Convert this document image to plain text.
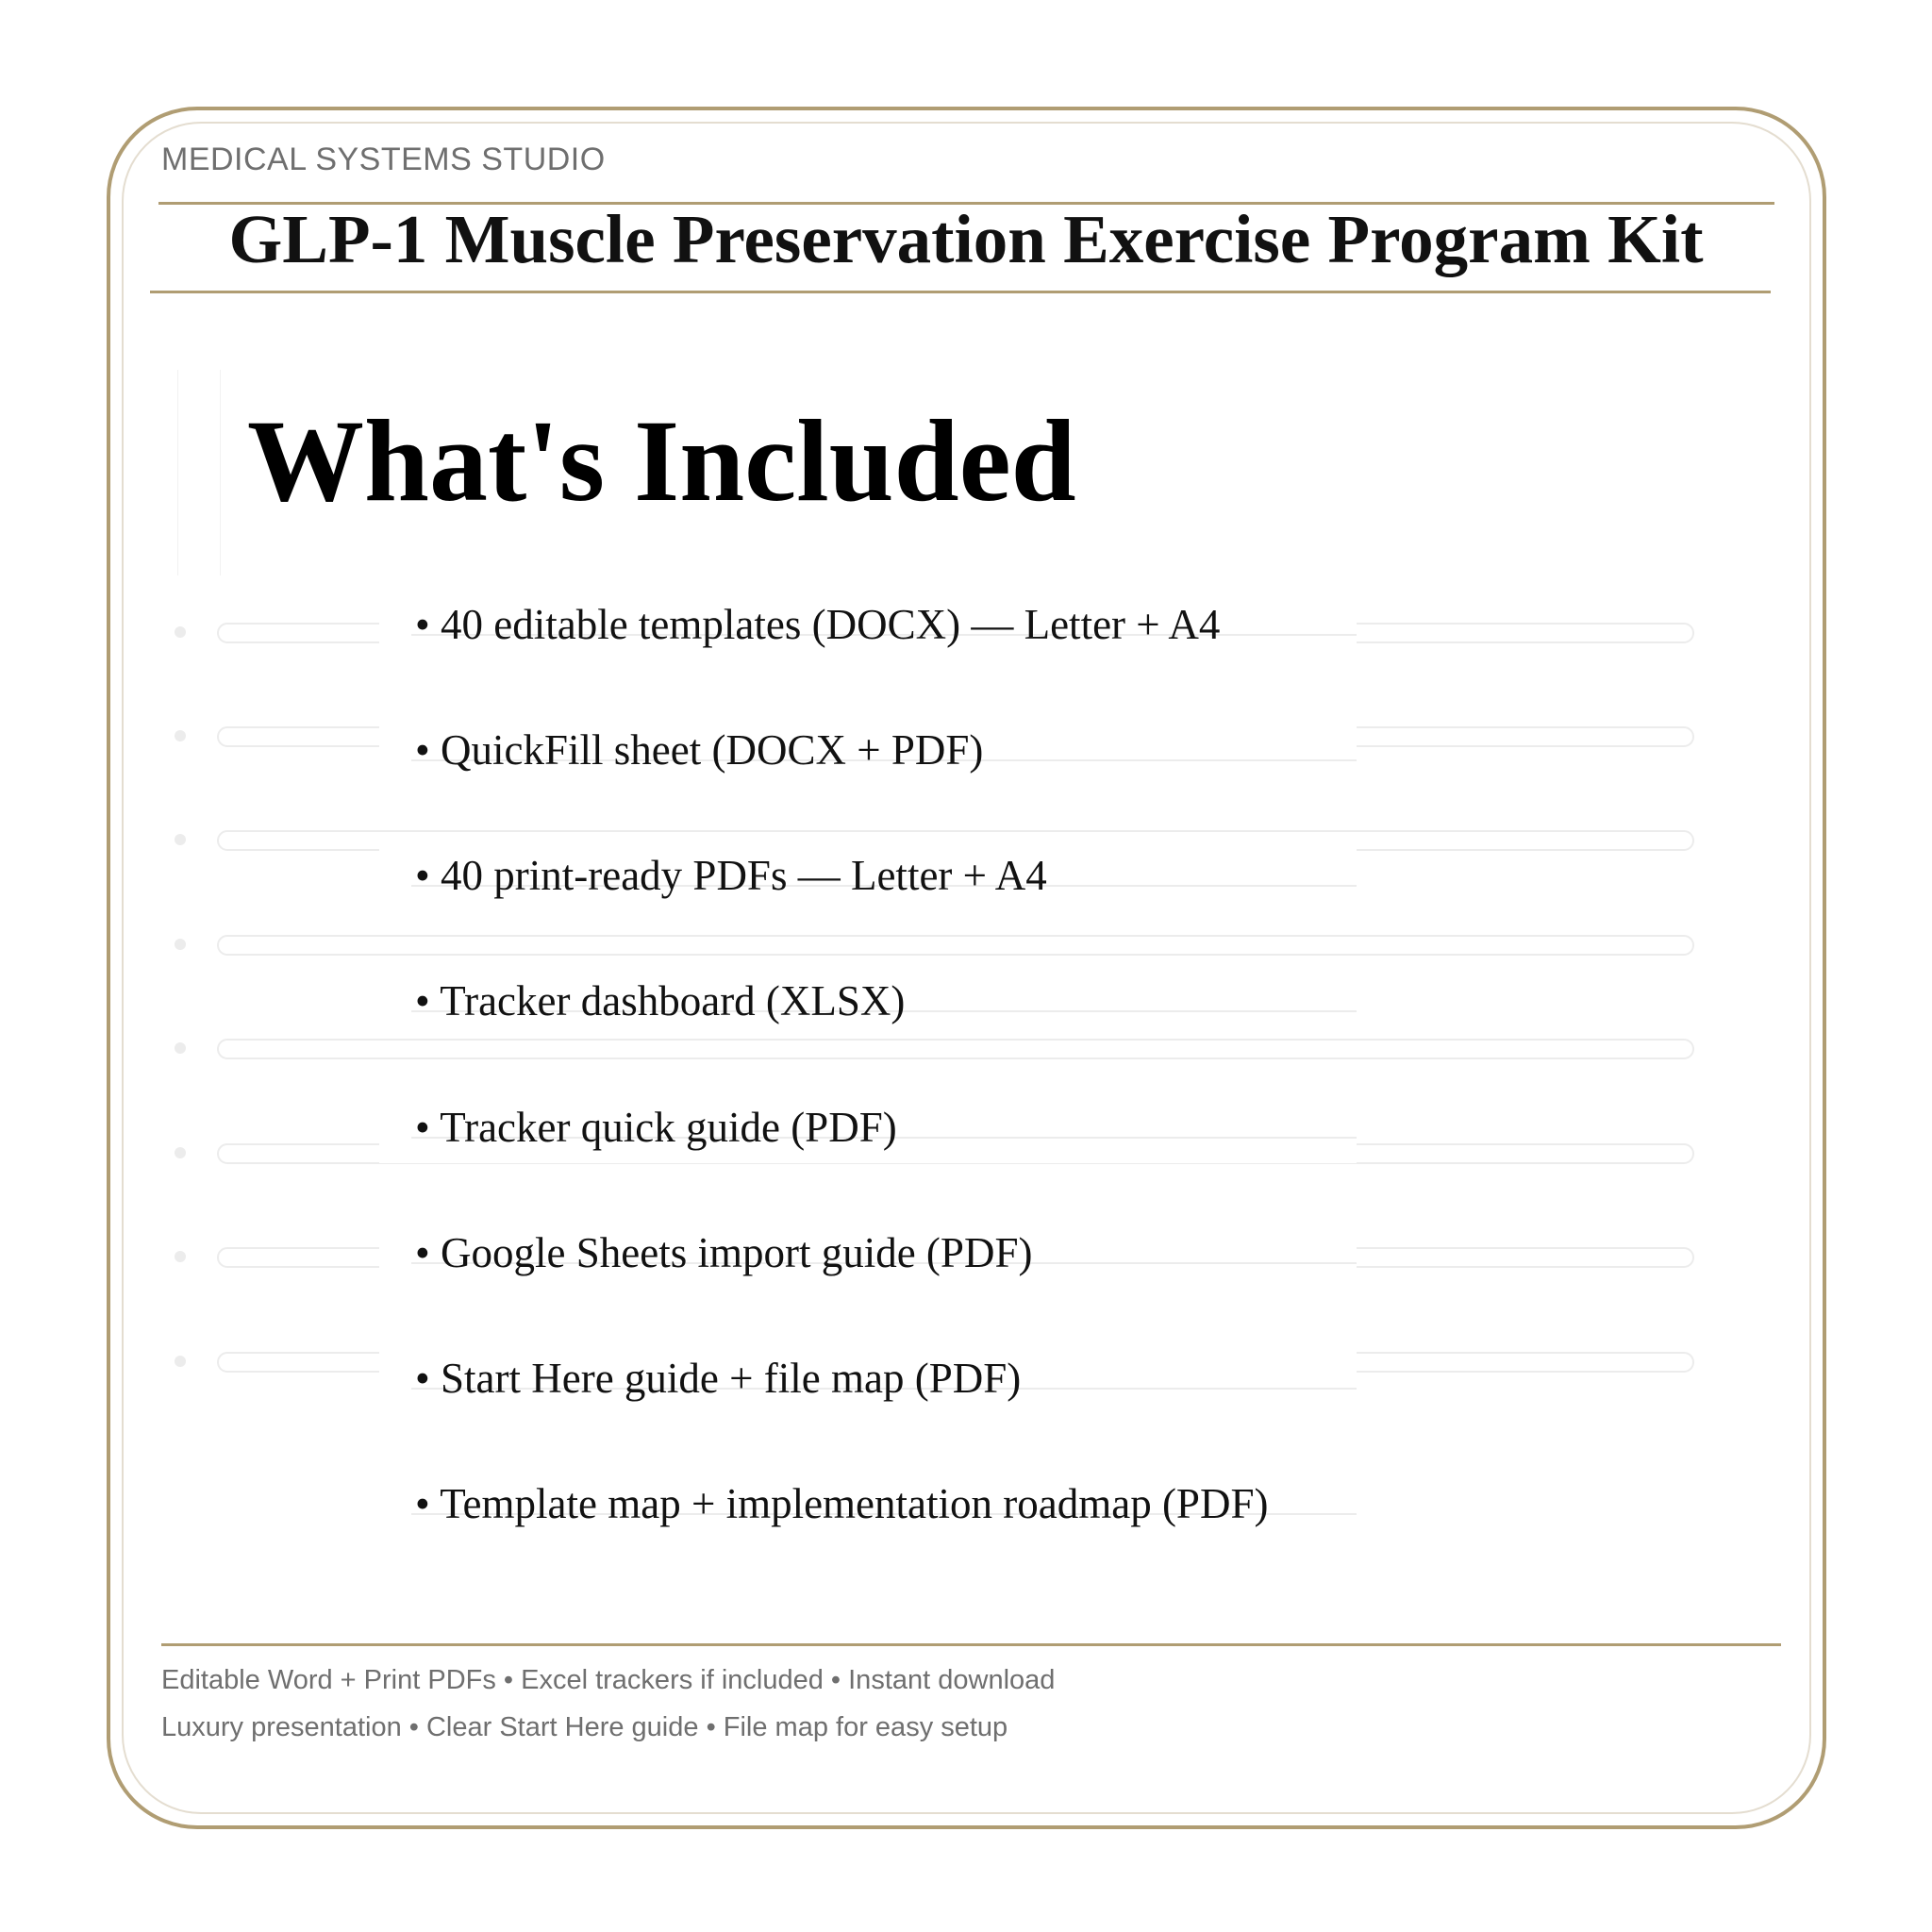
MEDICAL SYSTEMS STUDIO
GLP-1 Muscle Preservation Exercise Program Kit
What's Included
• 40 editable templates (DOCX) — Letter + A4
• QuickFill sheet (DOCX + PDF)
• 40 print-ready PDFs — Letter + A4
• Tracker dashboard (XLSX)
• Tracker quick guide (PDF)
• Google Sheets import guide (PDF)
• Start Here guide + file map (PDF)
• Template map + implementation roadmap (PDF)
Editable Word + Print PDFs • Excel trackers if included • Instant download
Luxury presentation • Clear Start Here guide • File map for easy setup
